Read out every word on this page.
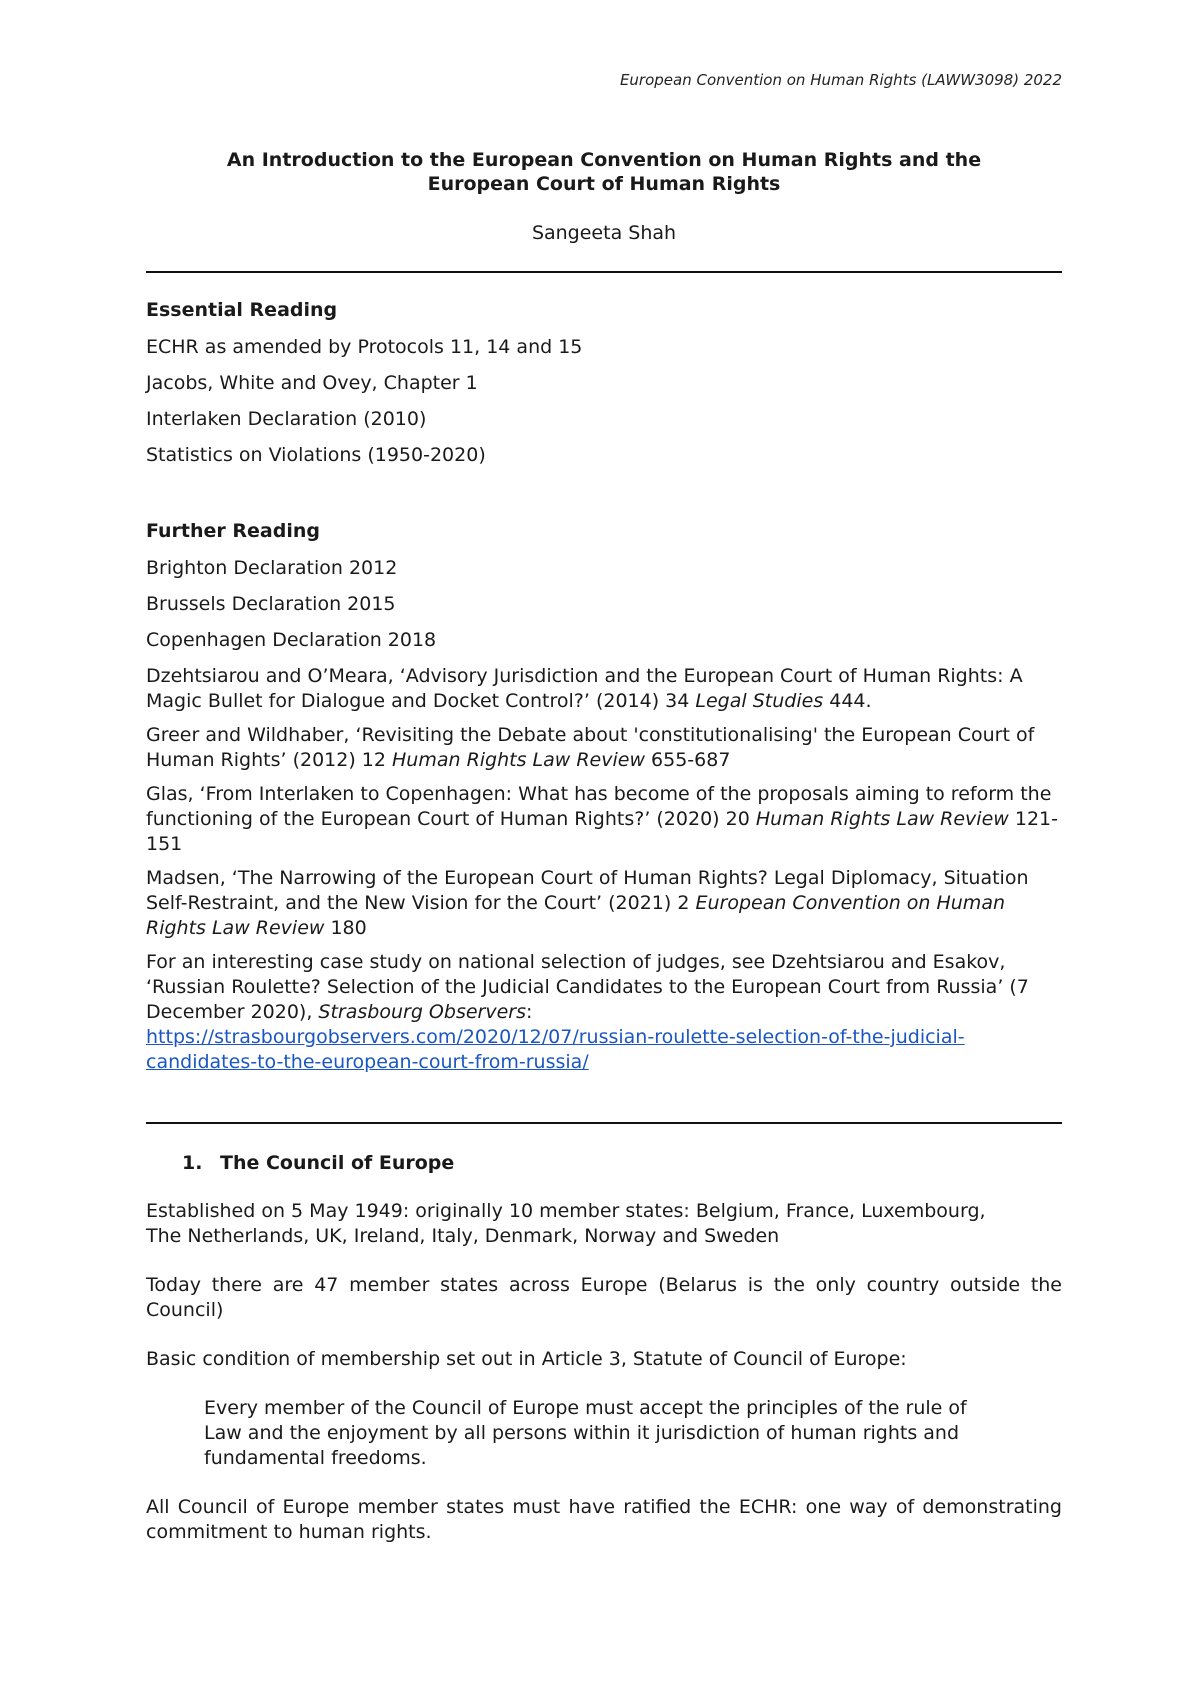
European Convention on Human Rights (LAWW3098) 2022
An Introduction to the European Convention on Human Rights and the
European Court of Human Rights
Sangeeta Shah
Essential Reading
ECHR as amended by Protocols 11, 14 and 15
Jacobs, White and Ovey, Chapter 1
Interlaken Declaration (2010)
Statistics on Violations (1950-2020)
Further Reading
Brighton Declaration 2012
Brussels Declaration 2015
Copenhagen Declaration 2018
Dzehtsiarou and O’Meara, ‘Advisory Jurisdiction and the European Court of Human Rights: A Magic Bullet for Dialogue and Docket Control?’ (2014) 34 Legal Studies 444.
Greer and Wildhaber, ‘Revisiting the Debate about 'constitutionalising' the European Court of Human Rights’ (2012) 12 Human Rights Law Review 655-687
Glas, ‘From Interlaken to Copenhagen: What has become of the proposals aiming to reform the functioning of the European Court of Human Rights?’ (2020) 20 Human Rights Law Review 121-151
Madsen, ‘The Narrowing of the European Court of Human Rights? Legal Diplomacy, Situation Self-Restraint, and the New Vision for the Court’ (2021) 2 European Convention on Human Rights Law Review 180
For an interesting case study on national selection of judges, see Dzehtsiarou and Esakov, ‘Russian Roulette? Selection of the Judicial Candidates to the European Court from Russia’ (7 December 2020), Strasbourg Observers:
https://strasbourgobservers.com/2020/12/07/russian-roulette-selection-of-the-judicial-
candidates-to-the-european-court-from-russia/
1. The Council of Europe
Established on 5 May 1949: originally 10 member states: Belgium, France, Luxembourg,
The Netherlands, UK, Ireland, Italy, Denmark, Norway and Sweden
Today there are 47 member states across Europe (Belarus is the only country outside the Council)
Basic condition of membership set out in Article 3, Statute of Council of Europe:
Every member of the Council of Europe must accept the principles of the rule of Law and the enjoyment by all persons within it jurisdiction of human rights and fundamental freedoms.
All Council of Europe member states must have ratified the ECHR: one way of demonstrating commitment to human rights.
